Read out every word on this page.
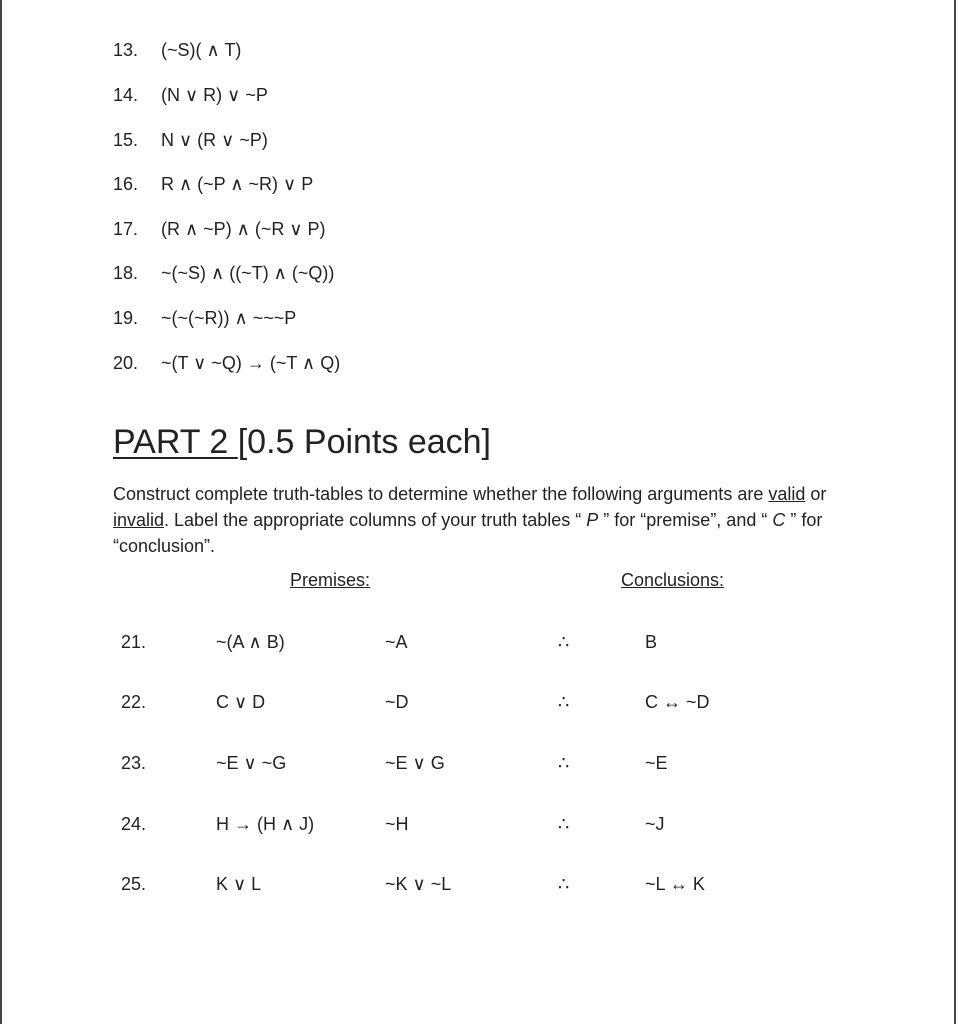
13.	(~S)( ∧ T)
14.	(N ∨ R) ∨ ~P
15.	N ∨ (R ∨ ~P)
16.	R ∧ (~P ∧ ~R) ∨ P
17.	(R ∧ ~P) ∧ (~R ∨ P)
18.	~(~S) ∧ ((~T) ∧ (~Q))
19.	~(~(~R)) ∧ ~~~P
20.	~(T ∨ ~Q) → (~T ∧ Q)
PART 2 [0.5 Points each]
Construct complete truth-tables to determine whether the following arguments are valid or invalid. Label the appropriate columns of your truth tables “ P ” for “premise”, and “ C ” for “conclusion”.
Premises:	Conclusions:
21.	~(A ∧ B)	~A	∴	B
22.	C ∨ D	~D	∴	C ↔ ~D
23.	~E ∨ ~G	~E ∨ G	∴	~E
24.	H → (H ∧ J)	~H	∴	~J
25.	K ∨ L	~K ∨ ~L	∴	~L ↔ K
